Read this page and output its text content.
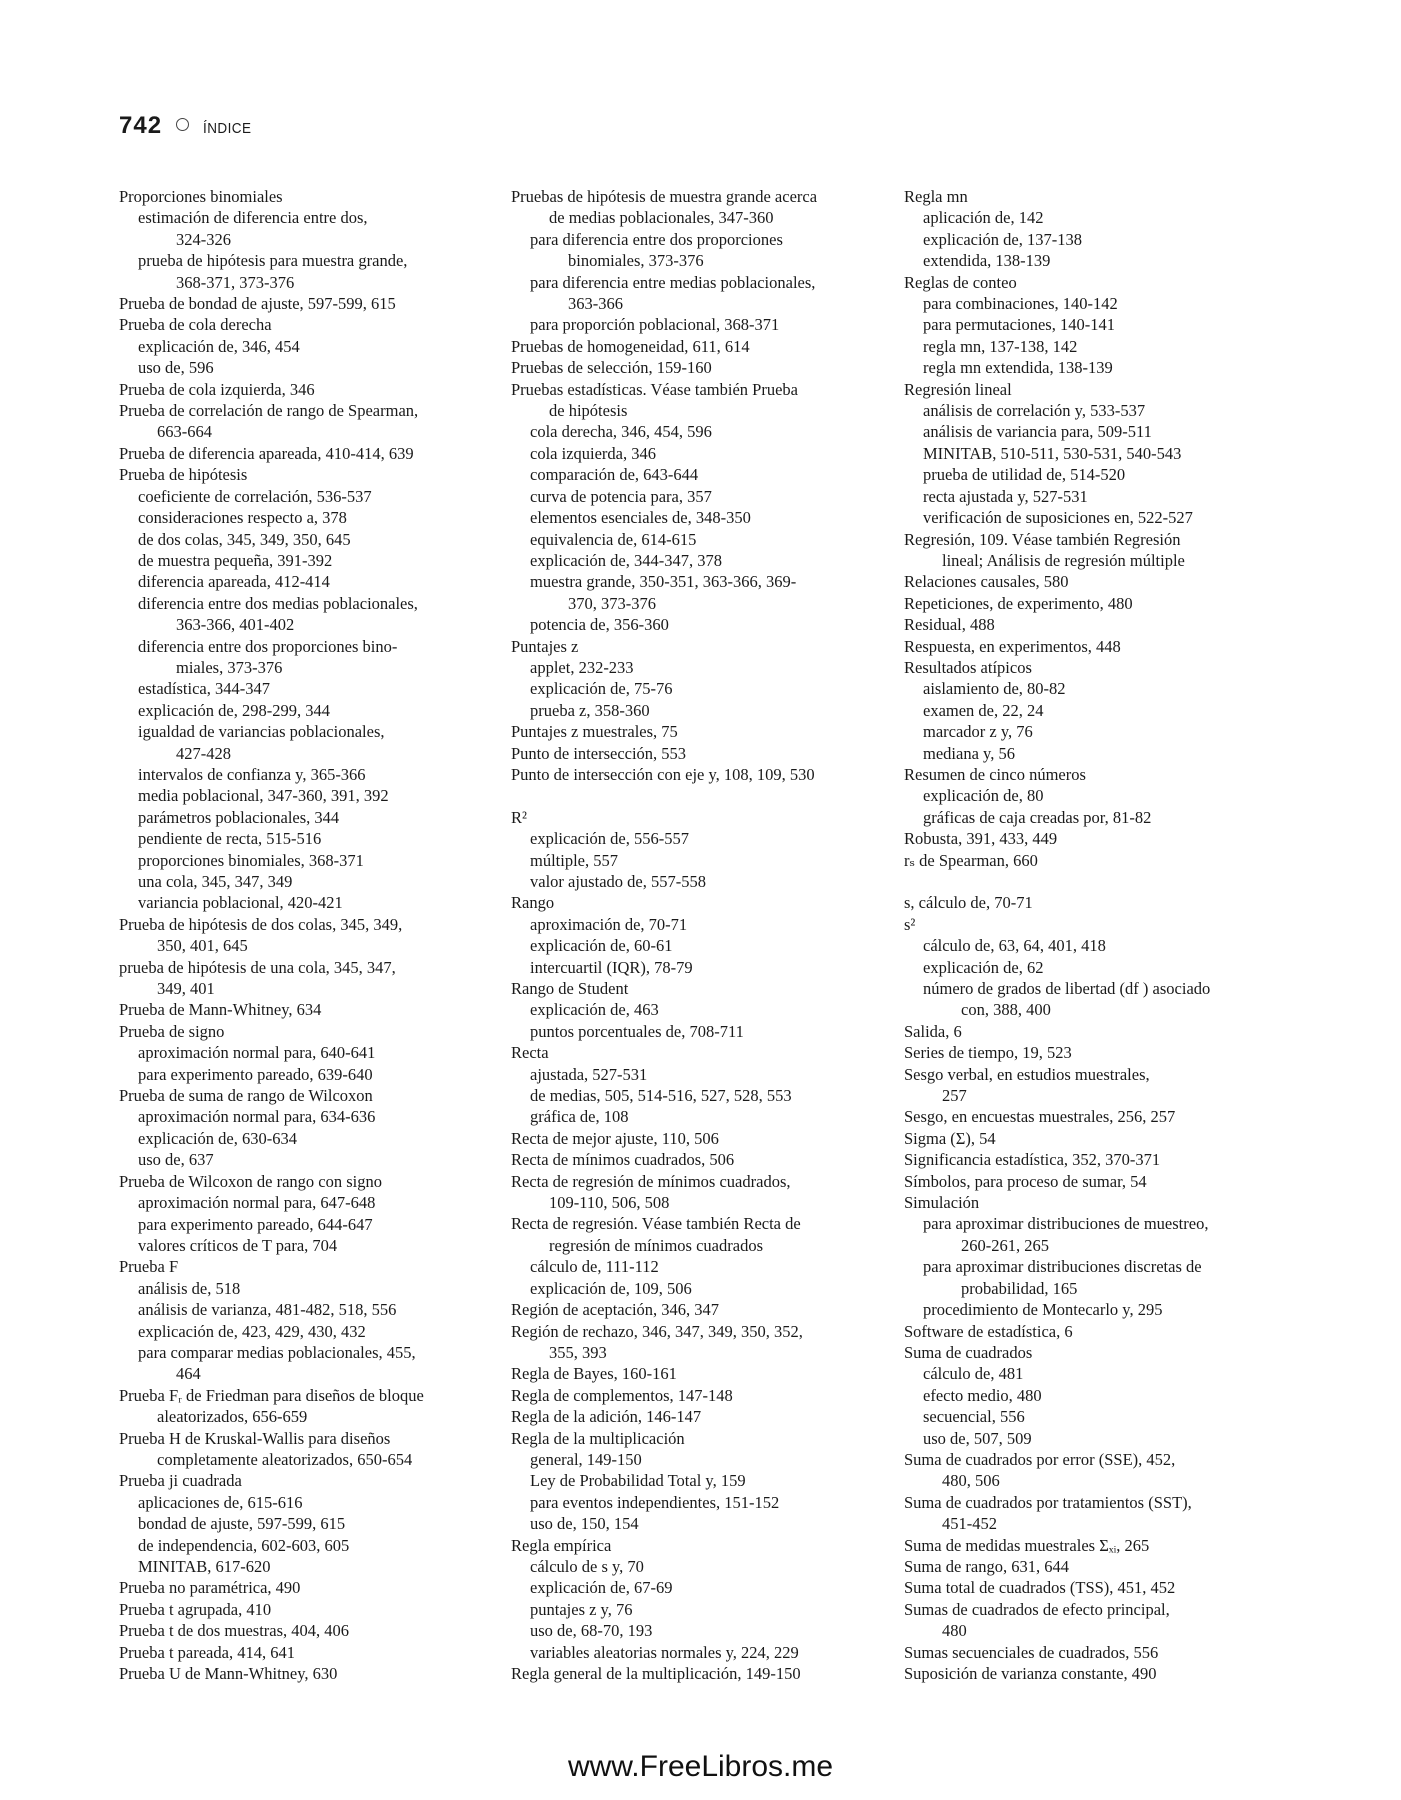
742	ÍNDICE
Proporciones binomiales
estimación de diferencia entre dos,
324-326
prueba de hipótesis para muestra grande,
368-371, 373-376
Prueba de bondad de ajuste, 597-599, 615
Prueba de cola derecha
explicación de, 346, 454
uso de, 596
Prueba de cola izquierda, 346
Prueba de correlación de rango de Spearman,
663-664
Prueba de diferencia apareada, 410-414, 639
Prueba de hipótesis
coeficiente de correlación, 536-537
consideraciones respecto a, 378
de dos colas, 345, 349, 350, 645
de muestra pequeña, 391-392
diferencia apareada, 412-414
diferencia entre dos medias poblacionales,
363-366, 401-402
diferencia entre dos proporciones bino-
miales, 373-376
estadística, 344-347
explicación de, 298-299, 344
igualdad de variancias poblacionales,
427-428
intervalos de confianza y, 365-366
media poblacional, 347-360, 391, 392
parámetros poblacionales, 344
pendiente de recta, 515-516
proporciones binomiales, 368-371
una cola, 345, 347, 349
variancia poblacional, 420-421
Prueba de hipótesis de dos colas, 345, 349,
350, 401, 645
prueba de hipótesis de una cola, 345, 347,
349, 401
Prueba de Mann-Whitney, 634
Prueba de signo
aproximación normal para, 640-641
para experimento pareado, 639-640
Prueba de suma de rango de Wilcoxon
aproximación normal para, 634-636
explicación de, 630-634
uso de, 637
Prueba de Wilcoxon de rango con signo
aproximación normal para, 647-648
para experimento pareado, 644-647
valores críticos de T para, 704
Prueba F
análisis de, 518
análisis de varianza, 481-482, 518, 556
explicación de, 423, 429, 430, 432
para comparar medias poblacionales, 455,
464
Prueba Fᵣ de Friedman para diseños de bloque
aleatorizados, 656-659
Prueba H de Kruskal-Wallis para diseños
completamente aleatorizados, 650-654
Prueba ji cuadrada
aplicaciones de, 615-616
bondad de ajuste, 597-599, 615
de independencia, 602-603, 605
MINITAB, 617-620
Prueba no paramétrica, 490
Prueba t agrupada, 410
Prueba t de dos muestras, 404, 406
Prueba t pareada, 414, 641
Prueba U de Mann-Whitney, 630
Pruebas de hipótesis de muestra grande acerca
de medias poblacionales, 347-360
para diferencia entre dos proporciones
binomiales, 373-376
para diferencia entre medias poblacionales,
363-366
para proporción poblacional, 368-371
Pruebas de homogeneidad, 611, 614
Pruebas de selección, 159-160
Pruebas estadísticas. Véase también Prueba
de hipótesis
cola derecha, 346, 454, 596
cola izquierda, 346
comparación de, 643-644
curva de potencia para, 357
elementos esenciales de, 348-350
equivalencia de, 614-615
explicación de, 344-347, 378
muestra grande, 350-351, 363-366, 369-
370, 373-376
potencia de, 356-360
Puntajes z
applet, 232-233
explicación de, 75-76
prueba z, 358-360
Puntajes z muestrales, 75
Punto de intersección, 553
Punto de intersección con eje y, 108, 109, 530
R²
explicación de, 556-557
múltiple, 557
valor ajustado de, 557-558
Rango
aproximación de, 70-71
explicación de, 60-61
intercuartil (IQR), 78-79
Rango de Student
explicación de, 463
puntos porcentuales de, 708-711
Recta
ajustada, 527-531
de medias, 505, 514-516, 527, 528, 553
gráfica de, 108
Recta de mejor ajuste, 110, 506
Recta de mínimos cuadrados, 506
Recta de regresión de mínimos cuadrados,
109-110, 506, 508
Recta de regresión. Véase también Recta de
regresión de mínimos cuadrados
cálculo de, 111-112
explicación de, 109, 506
Región de aceptación, 346, 347
Región de rechazo, 346, 347, 349, 350, 352,
355, 393
Regla de Bayes, 160-161
Regla de complementos, 147-148
Regla de la adición, 146-147
Regla de la multiplicación
general, 149-150
Ley de Probabilidad Total y, 159
para eventos independientes, 151-152
uso de, 150, 154
Regla empírica
cálculo de s y, 70
explicación de, 67-69
puntajes z y, 76
uso de, 68-70, 193
variables aleatorias normales y, 224, 229
Regla general de la multiplicación, 149-150
Regla mn
aplicación de, 142
explicación de, 137-138
extendida, 138-139
Reglas de conteo
para combinaciones, 140-142
para permutaciones, 140-141
regla mn, 137-138, 142
regla mn extendida, 138-139
Regresión lineal
análisis de correlación y, 533-537
análisis de variancia para, 509-511
MINITAB, 510-511, 530-531, 540-543
prueba de utilidad de, 514-520
recta ajustada y, 527-531
verificación de suposiciones en, 522-527
Regresión, 109. Véase también Regresión
lineal; Análisis de regresión múltiple
Relaciones causales, 580
Repeticiones, de experimento, 480
Residual, 488
Respuesta, en experimentos, 448
Resultados atípicos
aislamiento de, 80-82
examen de, 22, 24
marcador z y, 76
mediana y, 56
Resumen de cinco números
explicación de, 80
gráficas de caja creadas por, 81-82
Robusta, 391, 433, 449
rₛ de Spearman, 660
s, cálculo de, 70-71
s²
cálculo de, 63, 64, 401, 418
explicación de, 62
número de grados de libertad (df ) asociado
con, 388, 400
Salida, 6
Series de tiempo, 19, 523
Sesgo verbal, en estudios muestrales,
257
Sesgo, en encuestas muestrales, 256, 257
Sigma (Σ), 54
Significancia estadística, 352, 370-371
Símbolos, para proceso de sumar, 54
Simulación
para aproximar distribuciones de muestreo,
260-261, 265
para aproximar distribuciones discretas de
probabilidad, 165
procedimiento de Montecarlo y, 295
Software de estadística, 6
Suma de cuadrados
cálculo de, 481
efecto medio, 480
secuencial, 556
uso de, 507, 509
Suma de cuadrados por error (SSE), 452,
480, 506
Suma de cuadrados por tratamientos (SST),
451-452
Suma de medidas muestrales Σₓᵢ, 265
Suma de rango, 631, 644
Suma total de cuadrados (TSS), 451, 452
Sumas de cuadrados de efecto principal,
480
Sumas secuenciales de cuadrados, 556
Suposición de varianza constante, 490
www.FreeLibros.me
